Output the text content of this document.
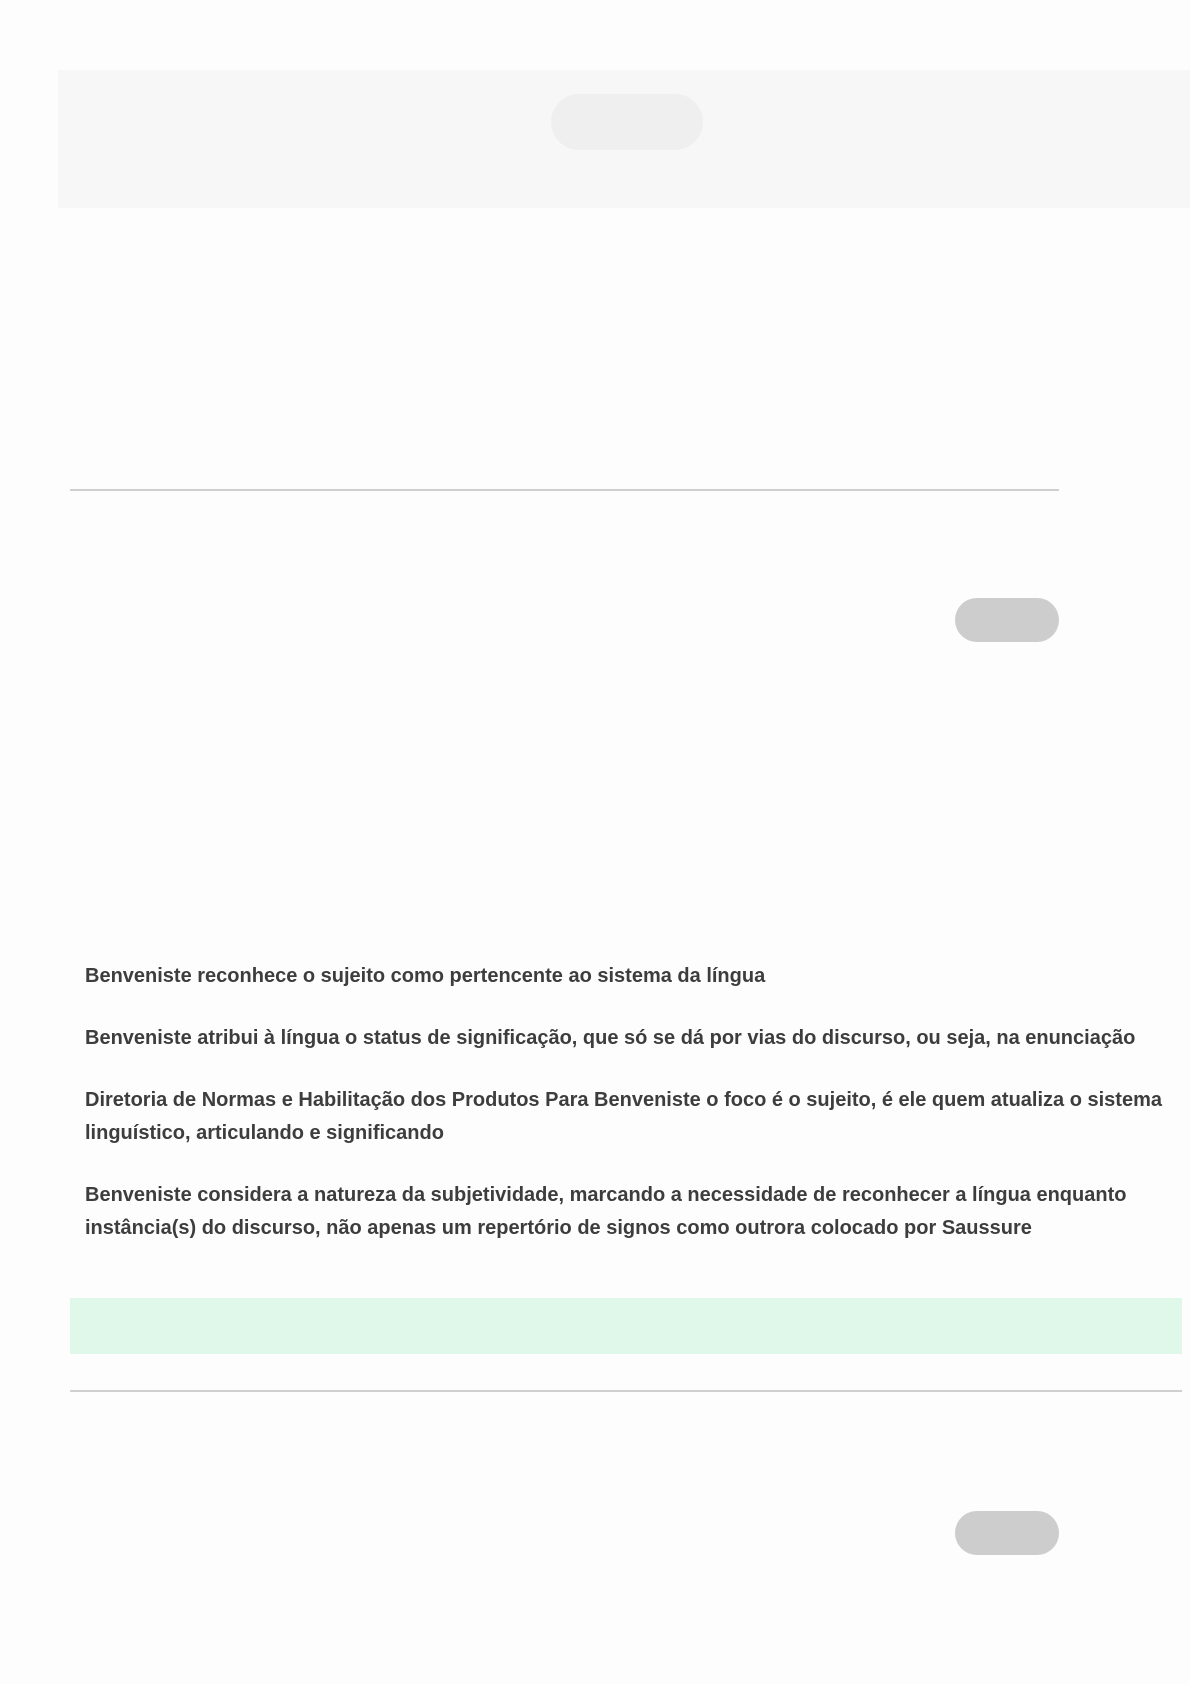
Benveniste reconhece o sujeito como pertencente ao sistema da língua
Benveniste atribui à língua o status de significação, que só se dá por vias do discurso, ou seja, na enunciação
Diretoria de Normas e Habilitação dos Produtos Para Benveniste o foco é o sujeito, é ele quem atualiza o sistema linguístico, articulando e significando
Benveniste considera a natureza da subjetividade, marcando a necessidade de reconhecer a língua enquanto instância(s) do discurso, não apenas um repertório de signos como outrora colocado por Saussure
